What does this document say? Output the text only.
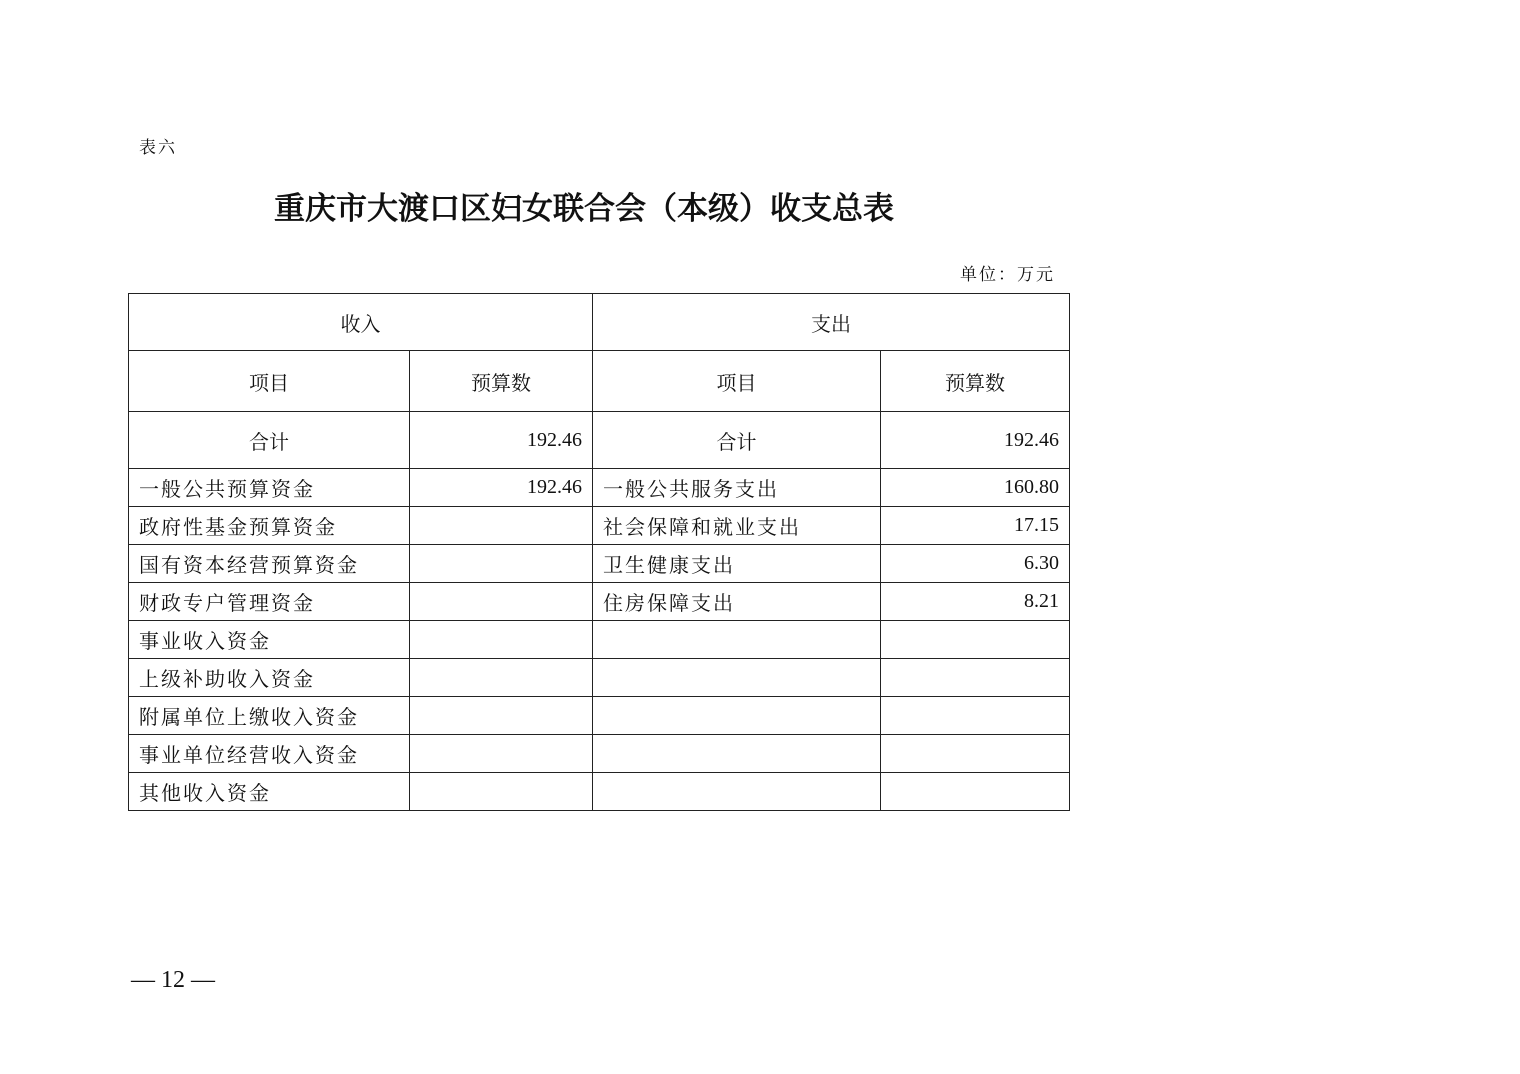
表六
重庆市大渡口区妇女联合会（本级）收支总表
单位：万元
收入		支出	
项目	预算数	项目	预算数
合计	192.46	合计	192.46
一般公共预算资金	192.46	一般公共服务支出	160.80
政府性基金预算资金		社会保障和就业支出	17.15
国有资本经营预算资金		卫生健康支出	6.30
财政专户管理资金		住房保障支出	8.21
事业收入资金			
上级补助收入资金			
附属单位上缴收入资金			
事业单位经营收入资金			
其他收入资金			
— 12 —
